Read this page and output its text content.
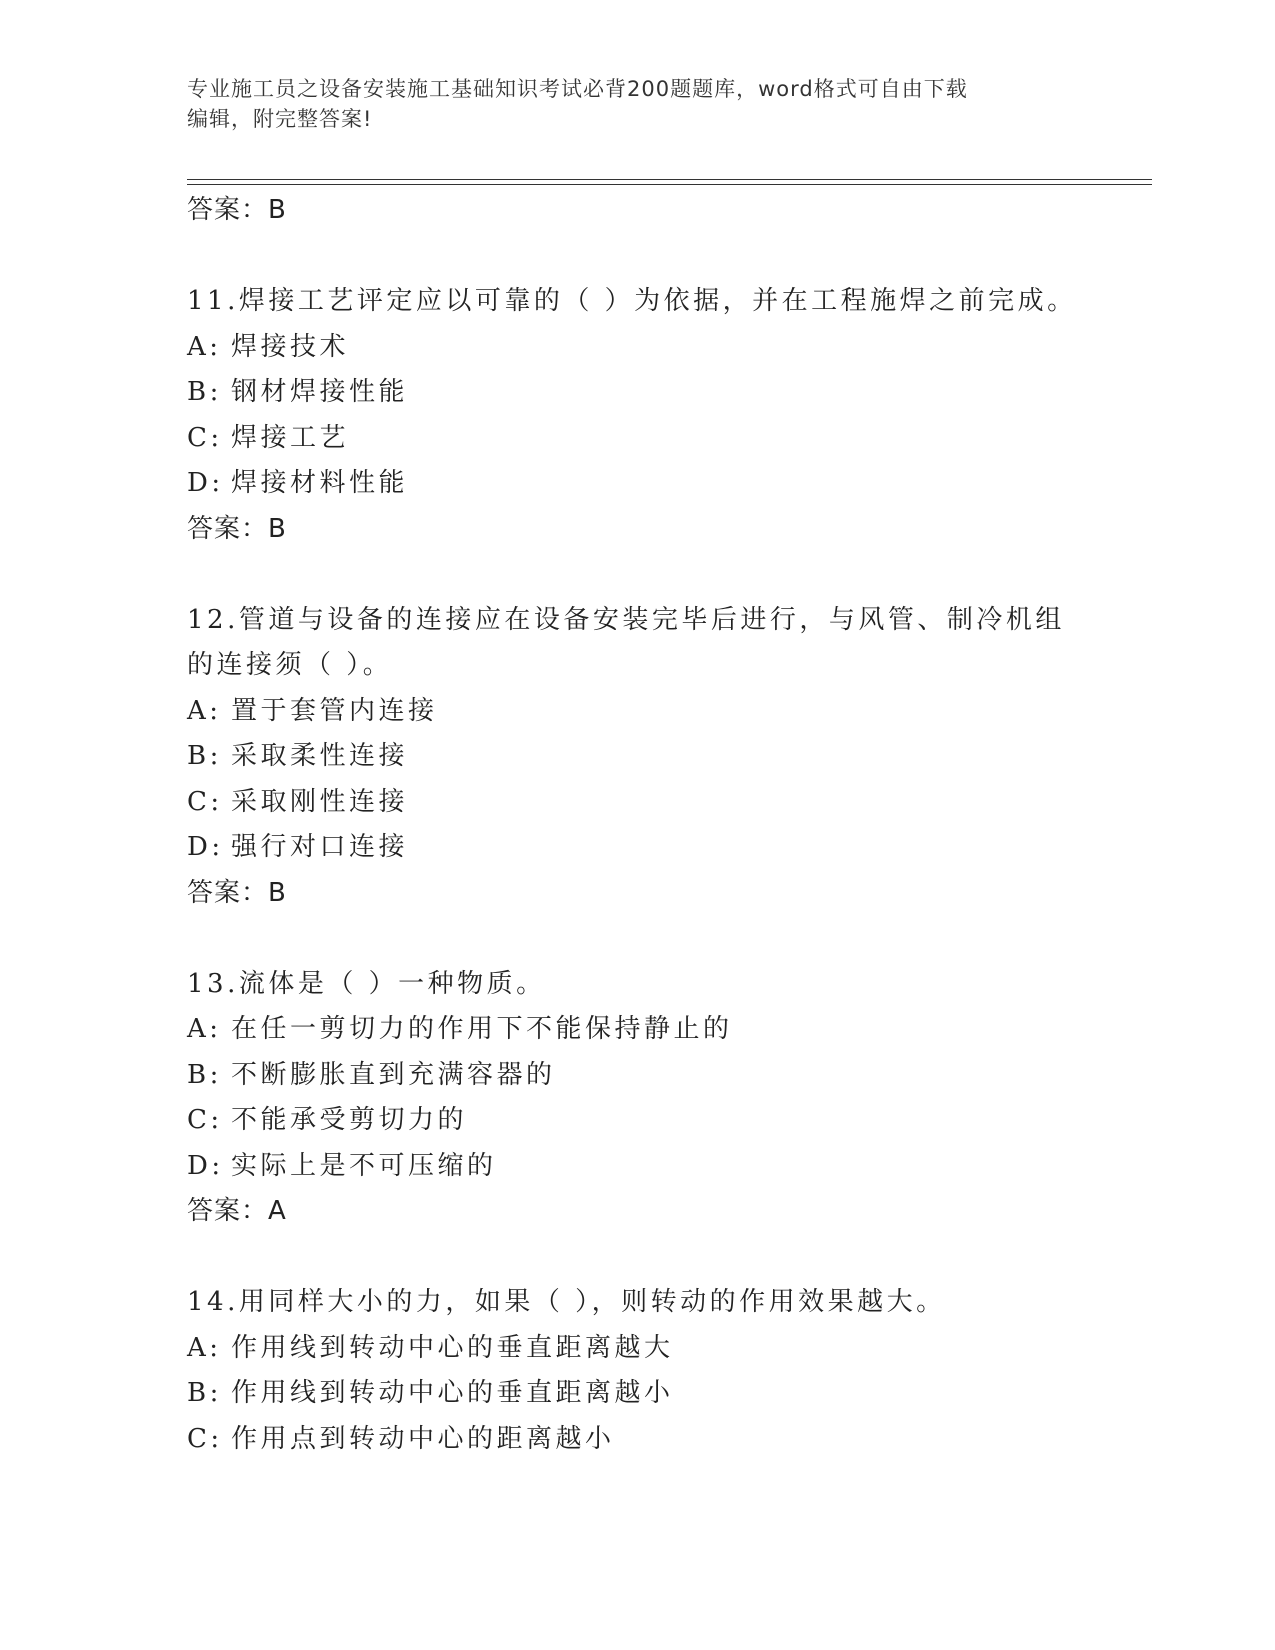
专业施工员之设备安装施工基础知识考试必背200题题库，word格式可自由下载
编辑，附完整答案!
答案：B
11.焊接工艺评定应以可靠的（ ）为依据，并在工程施焊之前完成。
A: 焊接技术
B: 钢材焊接性能
C: 焊接工艺
D: 焊接材料性能
答案：B
12.管道与设备的连接应在设备安装完毕后进行，与风管、制冷机组的连接须（ ）。
A: 置于套管内连接
B: 采取柔性连接
C: 采取刚性连接
D: 强行对口连接
答案：B
13.流体是（ ）一种物质。
A: 在任一剪切力的作用下不能保持静止的
B: 不断膨胀直到充满容器的
C: 不能承受剪切力的
D: 实际上是不可压缩的
答案：A
14.用同样大小的力，如果（ ），则转动的作用效果越大。
A: 作用线到转动中心的垂直距离越大
B: 作用线到转动中心的垂直距离越小
C: 作用点到转动中心的距离越小
